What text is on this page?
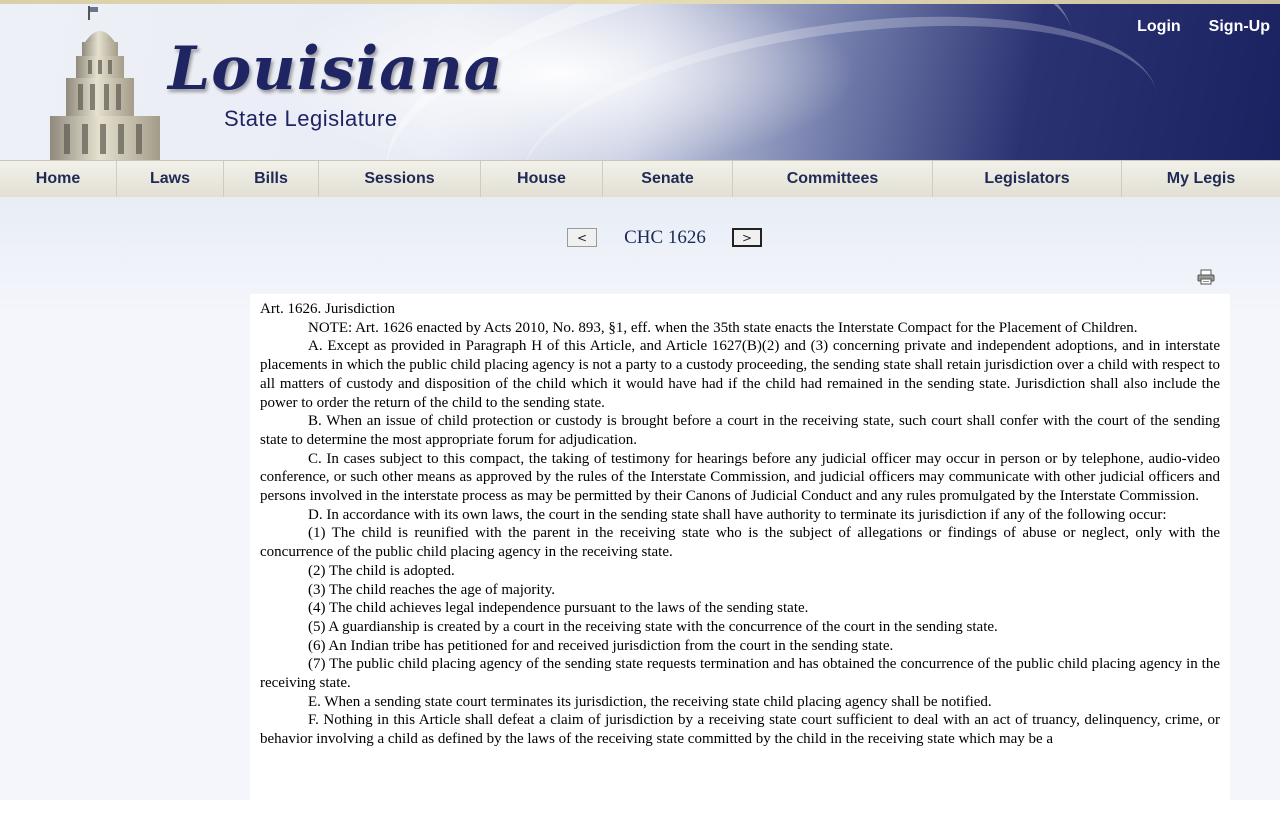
Louisiana
State Legislature
Login Sign-Up
Home	Laws	Bills	Sessions	House	Senate	Committees	Legislators	My Legis
<	CHC 1626	>

Art. 1626. Jurisdiction

NOTE: Art. 1626 enacted by Acts 2010, No. 893, §1, eff. when the 35th state enacts the Interstate Compact for the Placement of Children.

A. Except as provided in Paragraph H of this Article, and Article 1627(B)(2) and (3) concerning private and independent adoptions, and in interstate placements in which the public child placing agency is not a party to a custody proceeding, the sending state shall retain jurisdiction over a child with respect to all matters of custody and disposition of the child which it would have had if the child had remained in the sending state. Jurisdiction shall also include the power to order the return of the child to the sending state.

B. When an issue of child protection or custody is brought before a court in the receiving state, such court shall confer with the court of the sending state to determine the most appropriate forum for adjudication.

C. In cases subject to this compact, the taking of testimony for hearings before any judicial officer may occur in person or by telephone, audio-video conference, or such other means as approved by the rules of the Interstate Commission, and judicial officers may communicate with other judicial officers and persons involved in the interstate process as may be permitted by their Canons of Judicial Conduct and any rules promulgated by the Interstate Commission.

D. In accordance with its own laws, the court in the sending state shall have authority to terminate its jurisdiction if any of the following occur:

(1) The child is reunified with the parent in the receiving state who is the subject of allegations or findings of abuse or neglect, only with the concurrence of the public child placing agency in the receiving state.

(2) The child is adopted.

(3) The child reaches the age of majority.

(4) The child achieves legal independence pursuant to the laws of the sending state.

(5) A guardianship is created by a court in the receiving state with the concurrence of the court in the sending state.

(6) An Indian tribe has petitioned for and received jurisdiction from the court in the sending state.

(7) The public child placing agency of the sending state requests termination and has obtained the concurrence of the public child placing agency in the receiving state.

E. When a sending state court terminates its jurisdiction, the receiving state child placing agency shall be notified.

F. Nothing in this Article shall defeat a claim of jurisdiction by a receiving state court sufficient to deal with an act of truancy, delinquency, crime, or behavior involving a child as defined by the laws of the receiving state committed by the child in the receiving state which may be a
